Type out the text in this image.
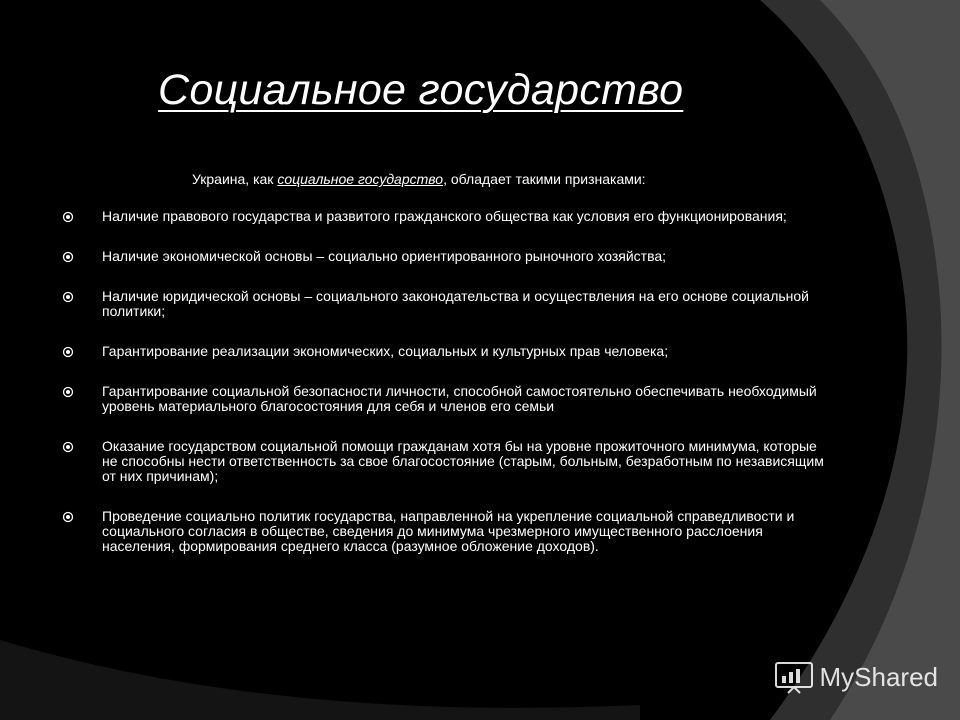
Социальное государство
Украина, как социальное государство, обладает такими признаками:
Наличие правового государства и развитого гражданского общества как условия его функционирования;
Наличие экономической основы – социально ориентированного рыночного хозяйства;
Наличие юридической основы – социального законодательства и осуществления на его основе социальной политики;
Гарантирование реализации экономических, социальных и культурных прав человека;
Гарантирование социальной безопасности личности, способной самостоятельно обеспечивать необходимый уровень материального благосостояния для себя и членов его семьи
Оказание государством социальной помощи гражданам хотя бы на уровне прожиточного минимума, которые не способны нести ответственность за свое благосостояние (старым, больным, безработным по независящим от них причинам);
Проведение социально политик государства, направленной на укрепление социальной справедливости и социального согласия в обществе, сведения до минимума чрезмерного имущественного расслоения населения, формирования среднего класса (разумное обложение доходов).
MyShared
